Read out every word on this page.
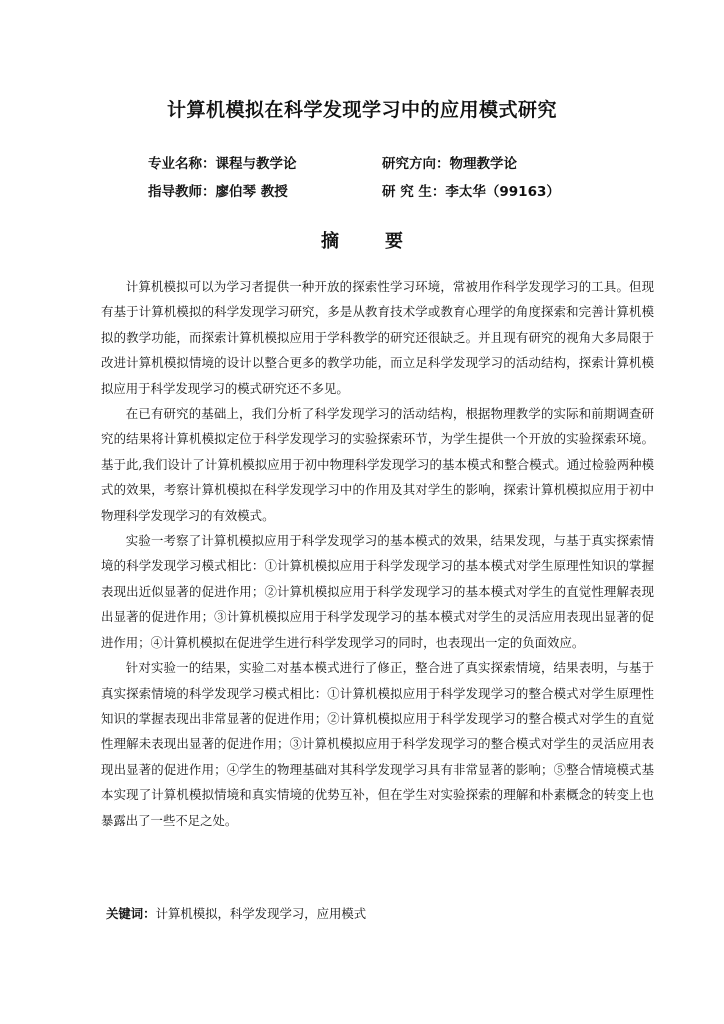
计算机模拟在科学发现学习中的应用模式研究
专业名称：课程与教学论	研究方向：物理教学论
指导教师：廖伯琴 教授	研 究 生：李太华（99163）
摘要

计算机模拟可以为学习者提供一种开放的探索性学习环境，常被用作科学发现学习的工具。但现有基于计算机模拟的科学发现学习研究，多是从教育技术学或教育心理学的角度探索和完善计算机模拟的教学功能，而探索计算机模拟应用于学科教学的研究还很缺乏。并且现有研究的视角大多局限于改进计算机模拟情境的设计以整合更多的教学功能，而立足科学发现学习的活动结构，探索计算机模拟应用于科学发现学习的模式研究还不多见。

在已有研究的基础上，我们分析了科学发现学习的活动结构，根据物理教学的实际和前期调查研究的结果将计算机模拟定位于科学发现学习的实验探索环节，为学生提供一个开放的实验探索环境。基于此,我们设计了计算机模拟应用于初中物理科学发现学习的基本模式和整合模式。通过检验两种模式的效果，考察计算机模拟在科学发现学习中的作用及其对学生的影响，探索计算机模拟应用于初中物理科学发现学习的有效模式。

实验一考察了计算机模拟应用于科学发现学习的基本模式的效果，结果发现，与基于真实探索情境的科学发现学习模式相比：①计算机模拟应用于科学发现学习的基本模式对学生原理性知识的掌握表现出近似显著的促进作用；②计算机模拟应用于科学发现学习的基本模式对学生的直觉性理解表现出显著的促进作用；③计算机模拟应用于科学发现学习的基本模式对学生的灵活应用表现出显著的促进作用；④计算机模拟在促进学生进行科学发现学习的同时，也表现出一定的负面效应。

针对实验一的结果，实验二对基本模式进行了修正，整合进了真实探索情境，结果表明，与基于真实探索情境的科学发现学习模式相比：①计算机模拟应用于科学发现学习的整合模式对学生原理性知识的掌握表现出非常显著的促进作用；②计算机模拟应用于科学发现学习的整合模式对学生的直觉性理解未表现出显著的促进作用；③计算机模拟应用于科学发现学习的整合模式对学生的灵活应用表现出显著的促进作用；④学生的物理基础对其科学发现学习具有非常显著的影响；⑤整合情境模式基本实现了计算机模拟情境和真实情境的优势互补，但在学生对实验探索的理解和朴素概念的转变上也暴露出了一些不足之处。

关键词：计算机模拟，科学发现学习，应用模式
